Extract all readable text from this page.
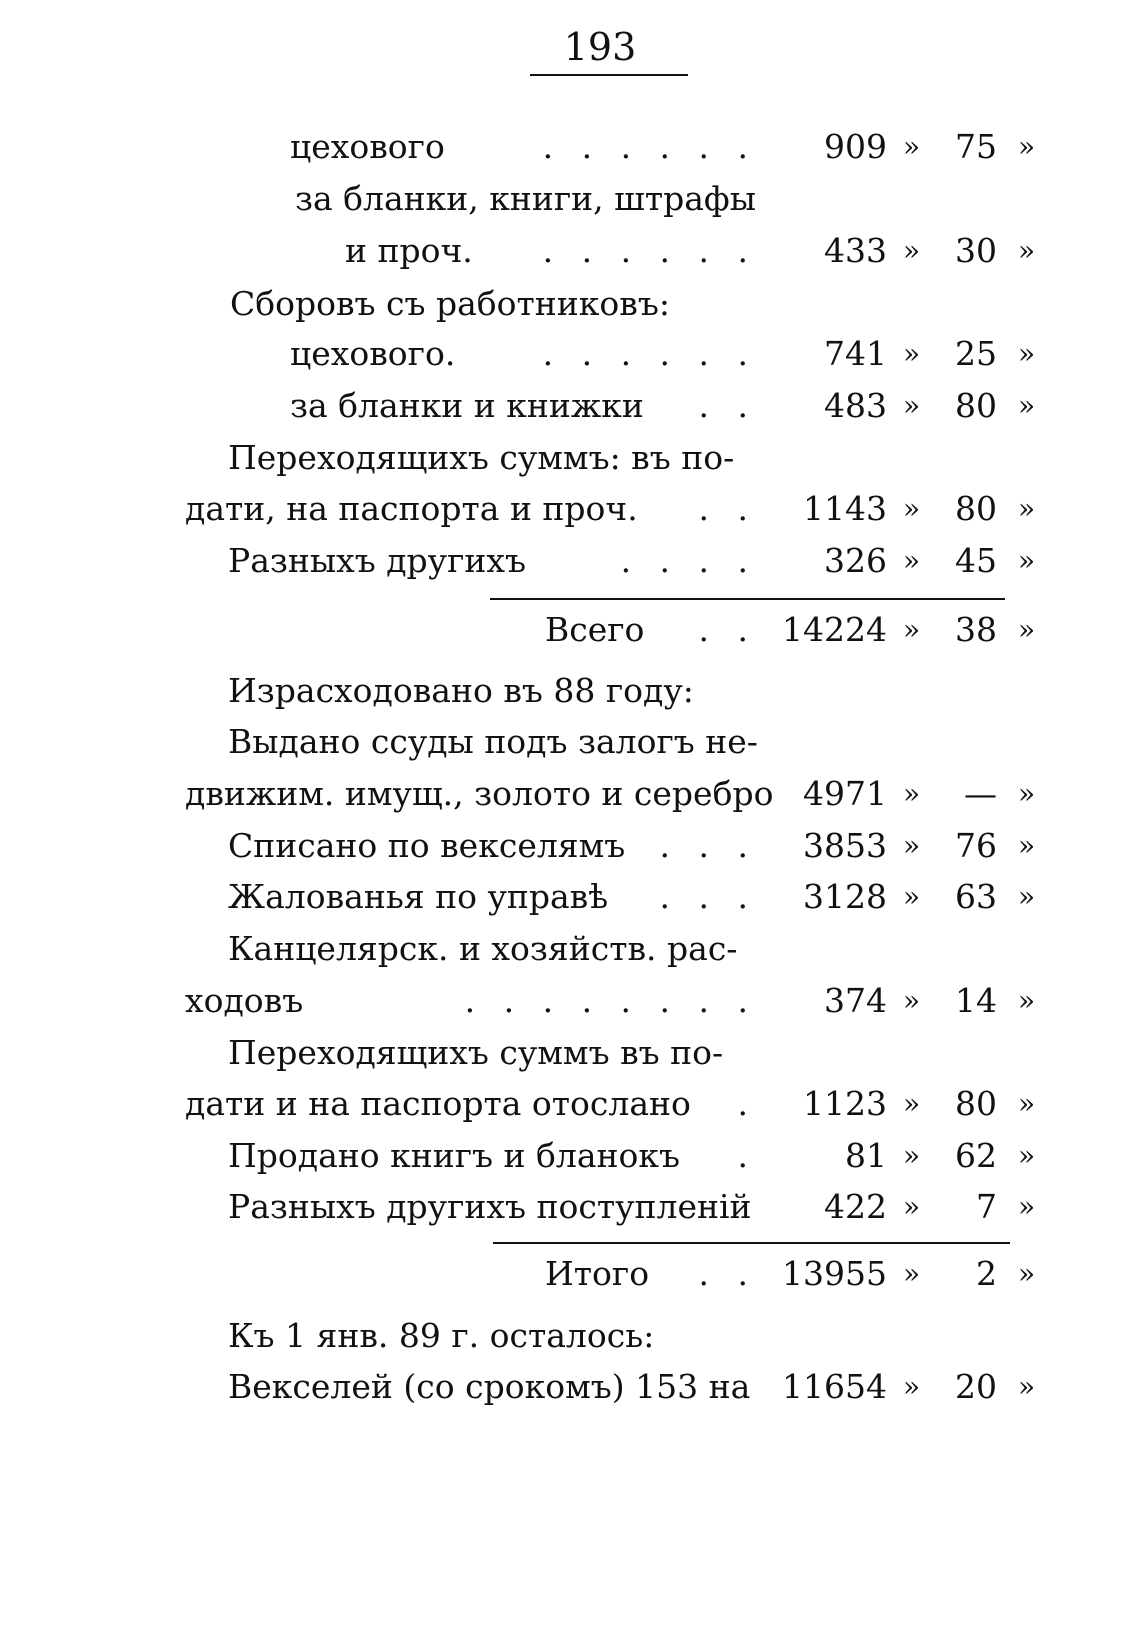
193
цехового	. . . . . . 909 » 75 »
за бланки, книги, штрафы
и проч. . . . . . . 433 » 30 »
Сборовъ съ работниковъ:
цехового.	. . . . . . 741 » 25 »
за бланки и книжки . . 483 » 80 »
Переходящихъ суммъ: въ по-
дати, на паспорта и проч. . . 1143 » 80 »
Разныхъ другихъ	. . . . 326 » 45 »
Всего . . 14224 » 38 »
Израсходовано въ 88 году:
Выдано ссуды подъ залогъ не-
движим. имущ., золото и серебро 4971 » — »
Списано по векселямъ . . . 3853 » 76 »
Жалованья по управѣ . . . 3128 » 63 »
Канцелярск. и хозяйств. рас-
ходовъ	. . . . . . . . 374 » 14 »
Переходящихъ суммъ въ по-
дати и на паспорта отослано . 1123 » 80 »
Продано книгъ и бланокъ .	81 » 62 »
Разныхъ другихъ поступленій 422 » 7 »
Итого . . 13955 » 2 »
Къ 1 янв. 89 г. осталось:
Векселей (со срокомъ) 153 на 11654 » 20 »
